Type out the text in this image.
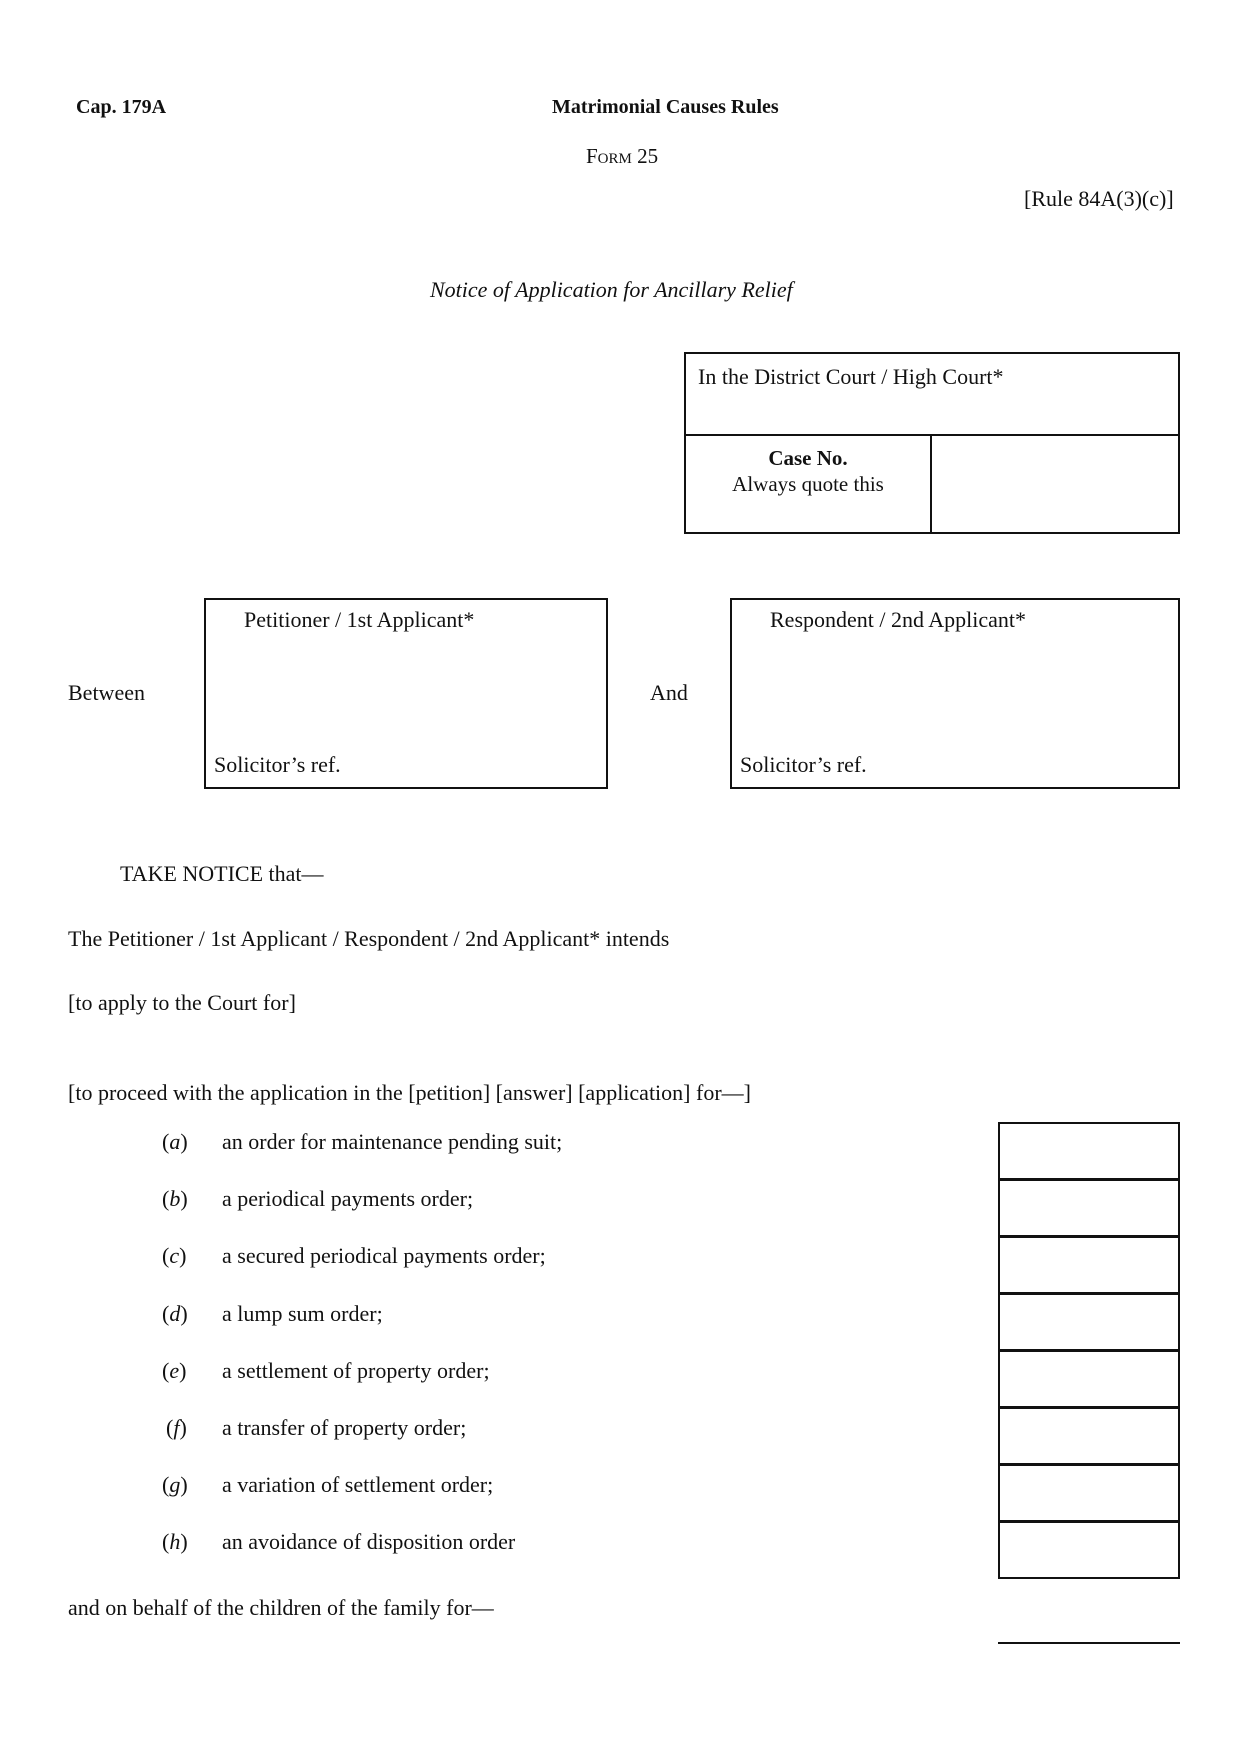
Cap. 179A	Matrimonial Causes Rules
Form 25
[Rule 84A(3)(c)]
Notice of Application for Ancillary Relief
In the District Court / High Court*
Case No.
Always quote this
Between
Petitioner / 1st Applicant*
Solicitor’s ref.
And
Respondent / 2nd Applicant*
Solicitor’s ref.
TAKE NOTICE that—
The Petitioner / 1st Applicant / Respondent / 2nd Applicant* intends
[to apply to the Court for]
[to proceed with the application in the [petition] [answer] [application] for—]
(a) an order for maintenance pending suit;
(b) a periodical payments order;
(c) a secured periodical payments order;
(d) a lump sum order;
(e) a settlement of property order;
(f) a transfer of property order;
(g) a variation of settlement order;
(h) an avoidance of disposition order
and on behalf of the children of the family for—
